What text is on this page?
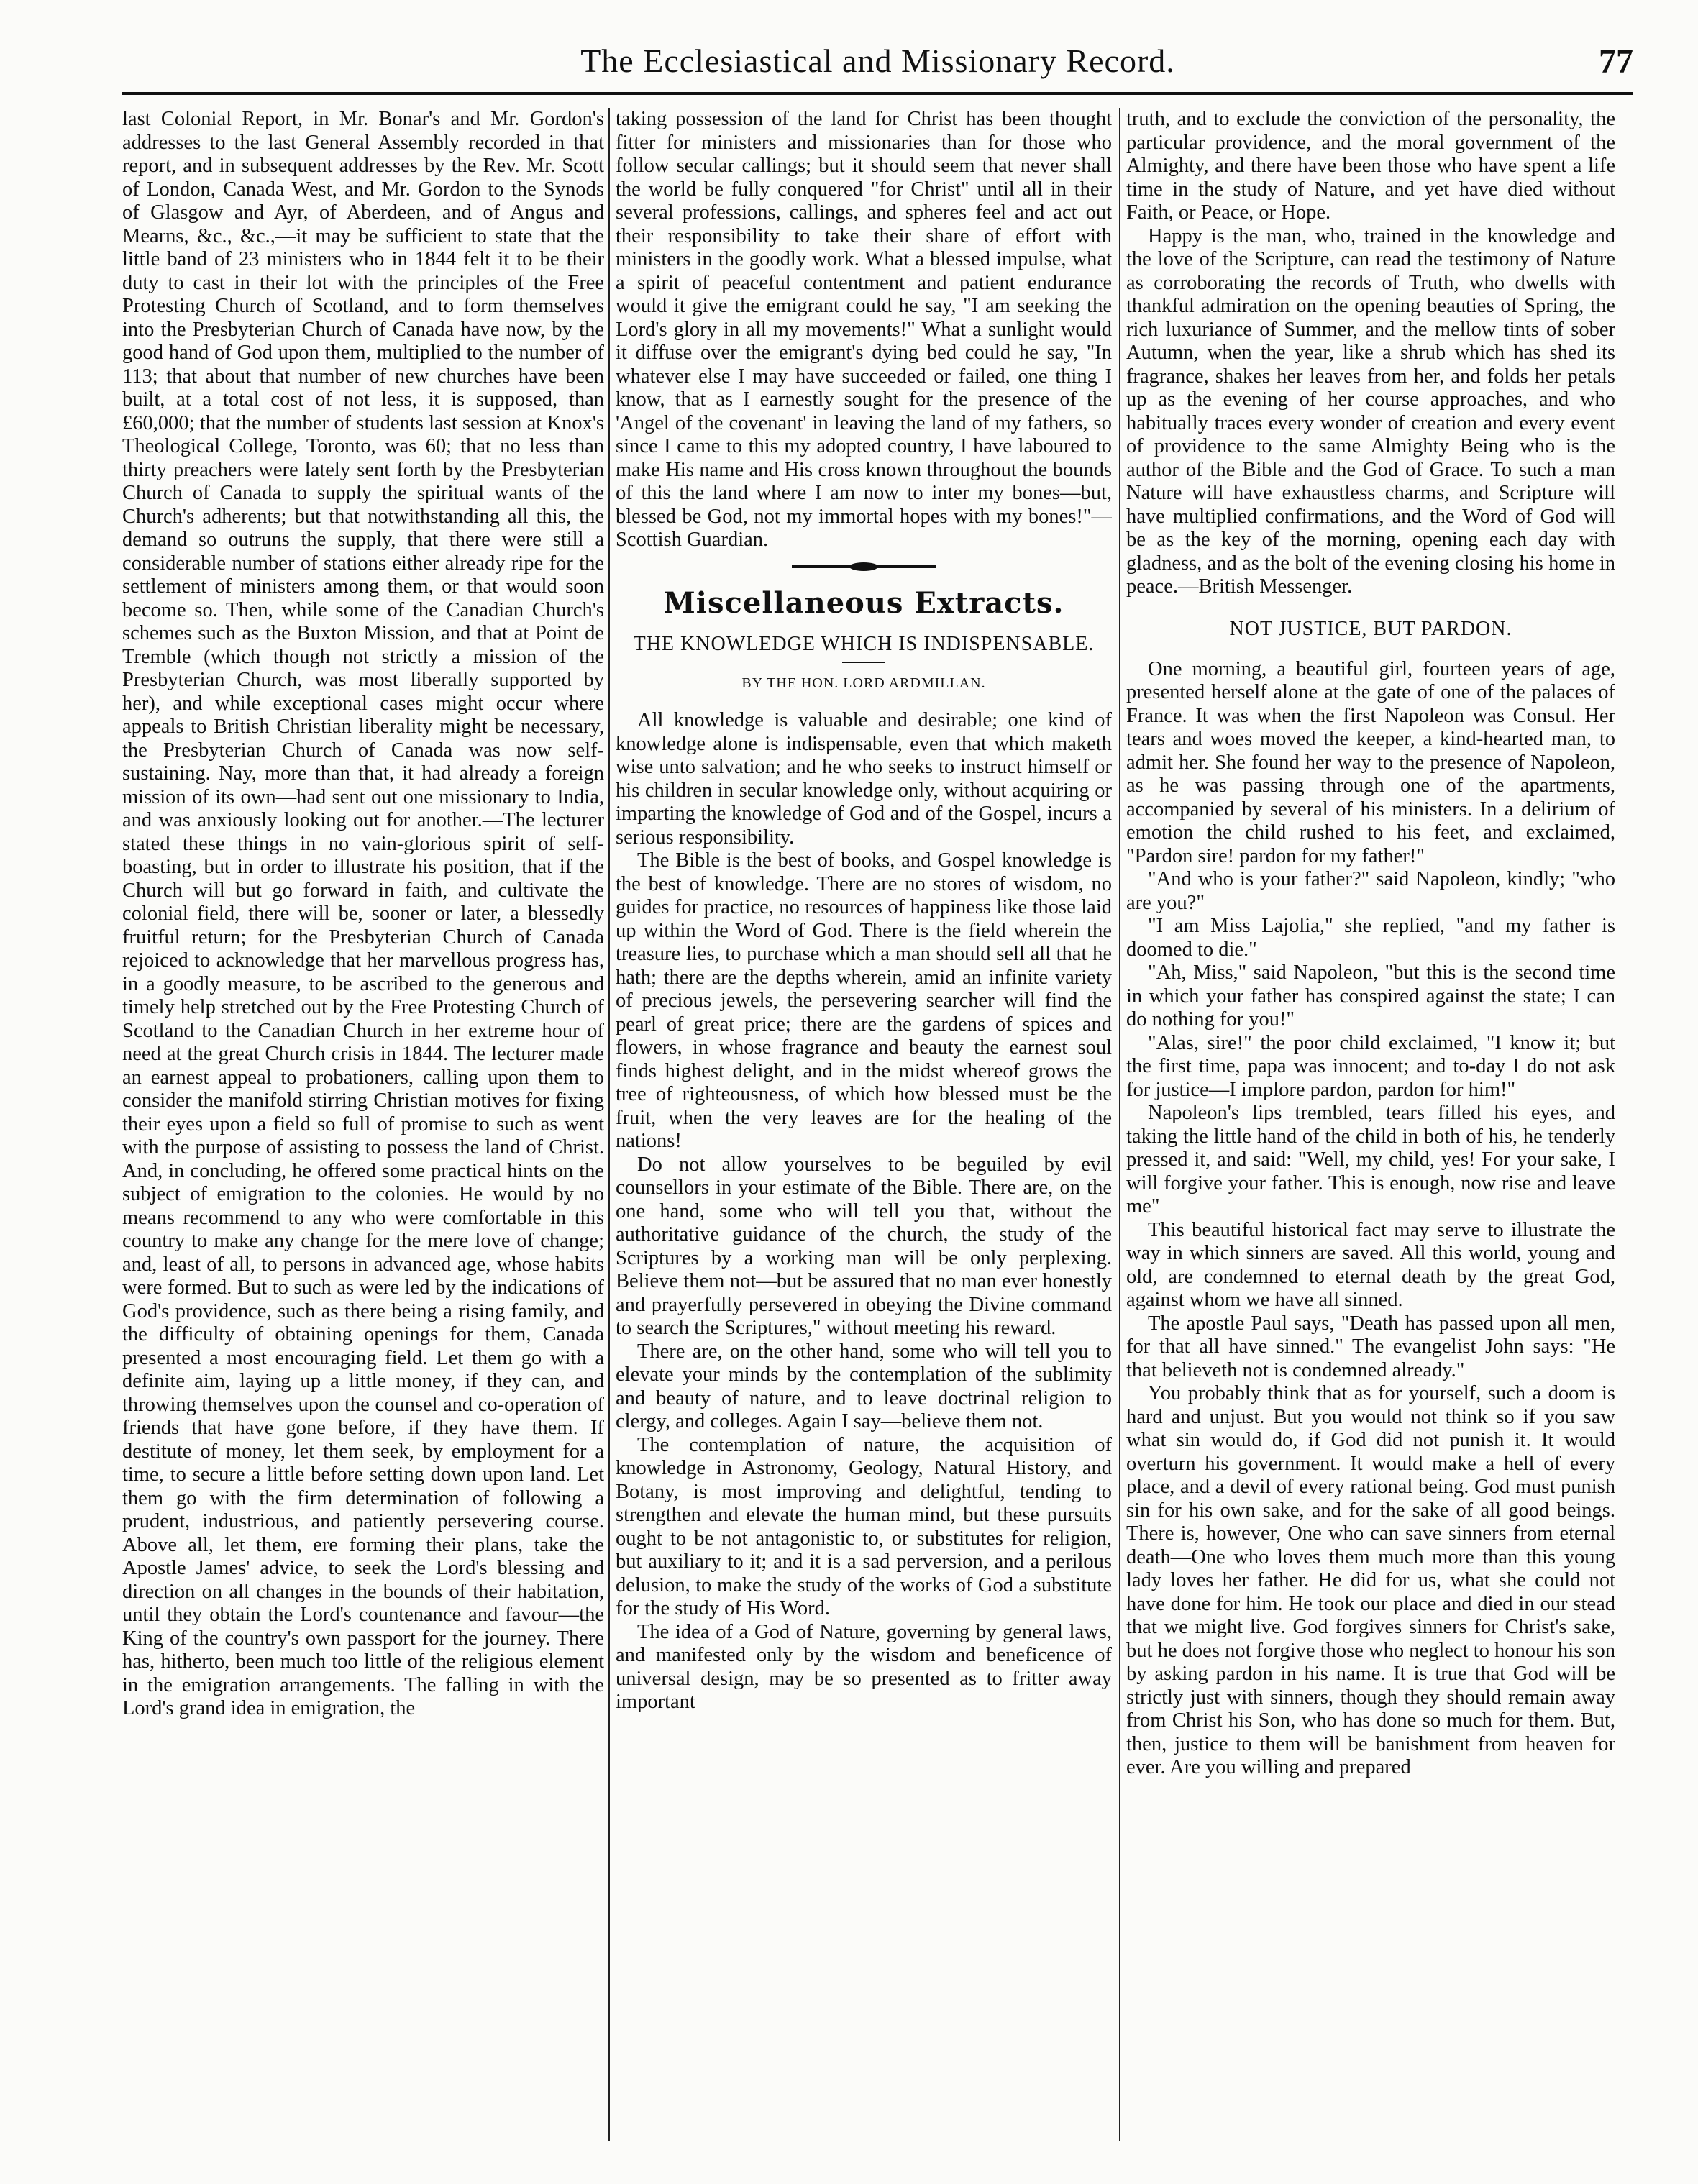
The Ecclesiastical and Missionary Record.	77

last Colonial Report, in Mr. Bonar's and Mr. Gordon's addresses to the last General Assembly recorded in that report, and in subsequent addresses by the Rev. Mr. Scott of London, Canada West, and Mr. Gordon to the Synods of Glasgow and Ayr, of Aberdeen, and of Angus and Mearns, &c., &c.,—it may be sufficient to state that the little band of 23 ministers who in 1844 felt it to be their duty to cast in their lot with the principles of the Free Protesting Church of Scotland, and to form themselves into the Presbyterian Church of Canada have now, by the good hand of God upon them, multiplied to the number of 113; that about that number of new churches have been built, at a total cost of not less, it is supposed, than £60,000; that the number of students last session at Knox's Theological College, Toronto, was 60; that no less than thirty preachers were lately sent forth by the Presbyterian Church of Canada to supply the spiritual wants of the Church's adherents; but that notwithstanding all this, the demand so outruns the supply, that there were still a considerable number of stations either already ripe for the settlement of ministers among them, or that would soon become so. Then, while some of the Canadian Church's schemes such as the Buxton Mission, and that at Point de Tremble (which though not strictly a mission of the Presbyterian Church, was most liberally supported by her), and while exceptional cases might occur where appeals to British Christian liberality might be necessary, the Presbyterian Church of Canada was now self-sustaining. Nay, more than that, it had already a foreign mission of its own—had sent out one missionary to India, and was anxiously looking out for another.—The lecturer stated these things in no vain-glorious spirit of self-boasting, but in order to illustrate his position, that if the Church will but go forward in faith, and cultivate the colonial field, there will be, sooner or later, a blessedly fruitful return; for the Presbyterian Church of Canada rejoiced to acknowledge that her marvellous progress has, in a goodly measure, to be ascribed to the generous and timely help stretched out by the Free Protesting Church of Scotland to the Canadian Church in her extreme hour of need at the great Church crisis in 1844. The lecturer made an earnest appeal to probationers, calling upon them to consider the manifold stirring Christian motives for fixing their eyes upon a field so full of promise to such as went with the purpose of assisting to possess the land of Christ. And, in concluding, he offered some practical hints on the subject of emigration to the colonies. He would by no means recommend to any who were comfortable in this country to make any change for the mere love of change; and, least of all, to persons in advanced age, whose habits were formed. But to such as were led by the indications of God's providence, such as there being a rising family, and the difficulty of obtaining openings for them, Canada presented a most encouraging field. Let them go with a definite aim, laying up a little money, if they can, and throwing themselves upon the counsel and co-operation of friends that have gone before, if they have them. If destitute of money, let them seek, by employment for a time, to secure a little before setting down upon land. Let them go with the firm determination of following a prudent, industrious, and patiently persevering course. Above all, let them, ere forming their plans, take the Apostle James' advice, to seek the Lord's blessing and direction on all changes in the bounds of their habitation, until they obtain the Lord's countenance and favour—the King of the country's own passport for the journey. There has, hitherto, been much too little of the religious element in the emigration arrangements. The falling in with the Lord's grand idea in emigration, the

taking possession of the land for Christ has been thought fitter for ministers and missionaries than for those who follow secular callings; but it should seem that never shall the world be fully conquered "for Christ" until all in their several professions, callings, and spheres feel and act out their responsibility to take their share of effort with ministers in the goodly work. What a blessed impulse, what a spirit of peaceful contentment and patient endurance would it give the emigrant could he say, "I am seeking the Lord's glory in all my movements!" What a sunlight would it diffuse over the emigrant's dying bed could he say, "In whatever else I may have succeeded or failed, one thing I know, that as I earnestly sought for the presence of the 'Angel of the covenant' in leaving the land of my fathers, so since I came to this my adopted country, I have laboured to make His name and His cross known throughout the bounds of this the land where I am now to inter my bones—but, blessed be God, not my immortal hopes with my bones!"—Scottish Guardian.

Miscellaneous Extracts.
THE KNOWLEDGE WHICH IS INDISPENSABLE.
BY THE HON. LORD ARDMILLAN.

All knowledge is valuable and desirable; one kind of knowledge alone is indispensable, even that which maketh wise unto salvation; and he who seeks to instruct himself or his children in secular knowledge only, without acquiring or imparting the knowledge of God and of the Gospel, incurs a serious responsibility.

The Bible is the best of books, and Gospel knowledge is the best of knowledge. There are no stores of wisdom, no guides for practice, no resources of happiness like those laid up within the Word of God. There is the field wherein the treasure lies, to purchase which a man should sell all that he hath; there are the depths wherein, amid an infinite variety of precious jewels, the persevering searcher will find the pearl of great price; there are the gardens of spices and flowers, in whose fragrance and beauty the earnest soul finds highest delight, and in the midst whereof grows the tree of righteousness, of which how blessed must be the fruit, when the very leaves are for the healing of the nations!

Do not allow yourselves to be beguiled by evil counsellors in your estimate of the Bible. There are, on the one hand, some who will tell you that, without the authoritative guidance of the church, the study of the Scriptures by a working man will be only perplexing. Believe them not—but be assured that no man ever honestly and prayerfully persevered in obeying the Divine command to search the Scriptures," without meeting his reward.

There are, on the other hand, some who will tell you to elevate your minds by the contemplation of the sublimity and beauty of nature, and to leave doctrinal religion to clergy, and colleges. Again I say—believe them not.

The contemplation of nature, the acquisition of knowledge in Astronomy, Geology, Natural History, and Botany, is most improving and delightful, tending to strengthen and elevate the human mind, but these pursuits ought to be not antagonistic to, or substitutes for religion, but auxiliary to it; and it is a sad perversion, and a perilous delusion, to make the study of the works of God a substitute for the study of His Word.

The idea of a God of Nature, governing by general laws, and manifested only by the wisdom and beneficence of universal design, may be so presented as to fritter away important

truth, and to exclude the conviction of the personality, the particular providence, and the moral government of the Almighty, and there have been those who have spent a life time in the study of Nature, and yet have died without Faith, or Peace, or Hope.

Happy is the man, who, trained in the knowledge and the love of the Scripture, can read the testimony of Nature as corroborating the records of Truth, who dwells with thankful admiration on the opening beauties of Spring, the rich luxuriance of Summer, and the mellow tints of sober Autumn, when the year, like a shrub which has shed its fragrance, shakes her leaves from her, and folds her petals up as the evening of her course approaches, and who habitually traces every wonder of creation and every event of providence to the same Almighty Being who is the author of the Bible and the God of Grace. To such a man Nature will have exhaustless charms, and Scripture will have multiplied confirmations, and the Word of God will be as the key of the morning, opening each day with gladness, and as the bolt of the evening closing his home in peace.—British Messenger.

NOT JUSTICE, BUT PARDON.

One morning, a beautiful girl, fourteen years of age, presented herself alone at the gate of one of the palaces of France. It was when the first Napoleon was Consul. Her tears and woes moved the keeper, a kind-hearted man, to admit her. She found her way to the presence of Napoleon, as he was passing through one of the apartments, accompanied by several of his ministers. In a delirium of emotion the child rushed to his feet, and exclaimed, "Pardon sire! pardon for my father!"

"And who is your father?" said Napoleon, kindly; "who are you?"

"I am Miss Lajolia," she replied, "and my father is doomed to die."

"Ah, Miss," said Napoleon, "but this is the second time in which your father has conspired against the state; I can do nothing for you!"

"Alas, sire!" the poor child exclaimed, "I know it; but the first time, papa was innocent; and to-day I do not ask for justice—I implore pardon, pardon for him!"

Napoleon's lips trembled, tears filled his eyes, and taking the little hand of the child in both of his, he tenderly pressed it, and said: "Well, my child, yes! For your sake, I will forgive your father. This is enough, now rise and leave me"

This beautiful historical fact may serve to illustrate the way in which sinners are saved. All this world, young and old, are condemned to eternal death by the great God, against whom we have all sinned.

The apostle Paul says, "Death has passed upon all men, for that all have sinned." The evangelist John says: "He that believeth not is condemned already."

You probably think that as for yourself, such a doom is hard and unjust. But you would not think so if you saw what sin would do, if God did not punish it. It would overturn his government. It would make a hell of every place, and a devil of every rational being. God must punish sin for his own sake, and for the sake of all good beings. There is, however, One who can save sinners from eternal death—One who loves them much more than this young lady loves her father. He did for us, what she could not have done for him. He took our place and died in our stead that we might live. God forgives sinners for Christ's sake, but he does not forgive those who neglect to honour his son by asking pardon in his name. It is true that God will be strictly just with sinners, though they should remain away from Christ his Son, who has done so much for them. But, then, justice to them will be banishment from heaven for ever. Are you willing and prepared
